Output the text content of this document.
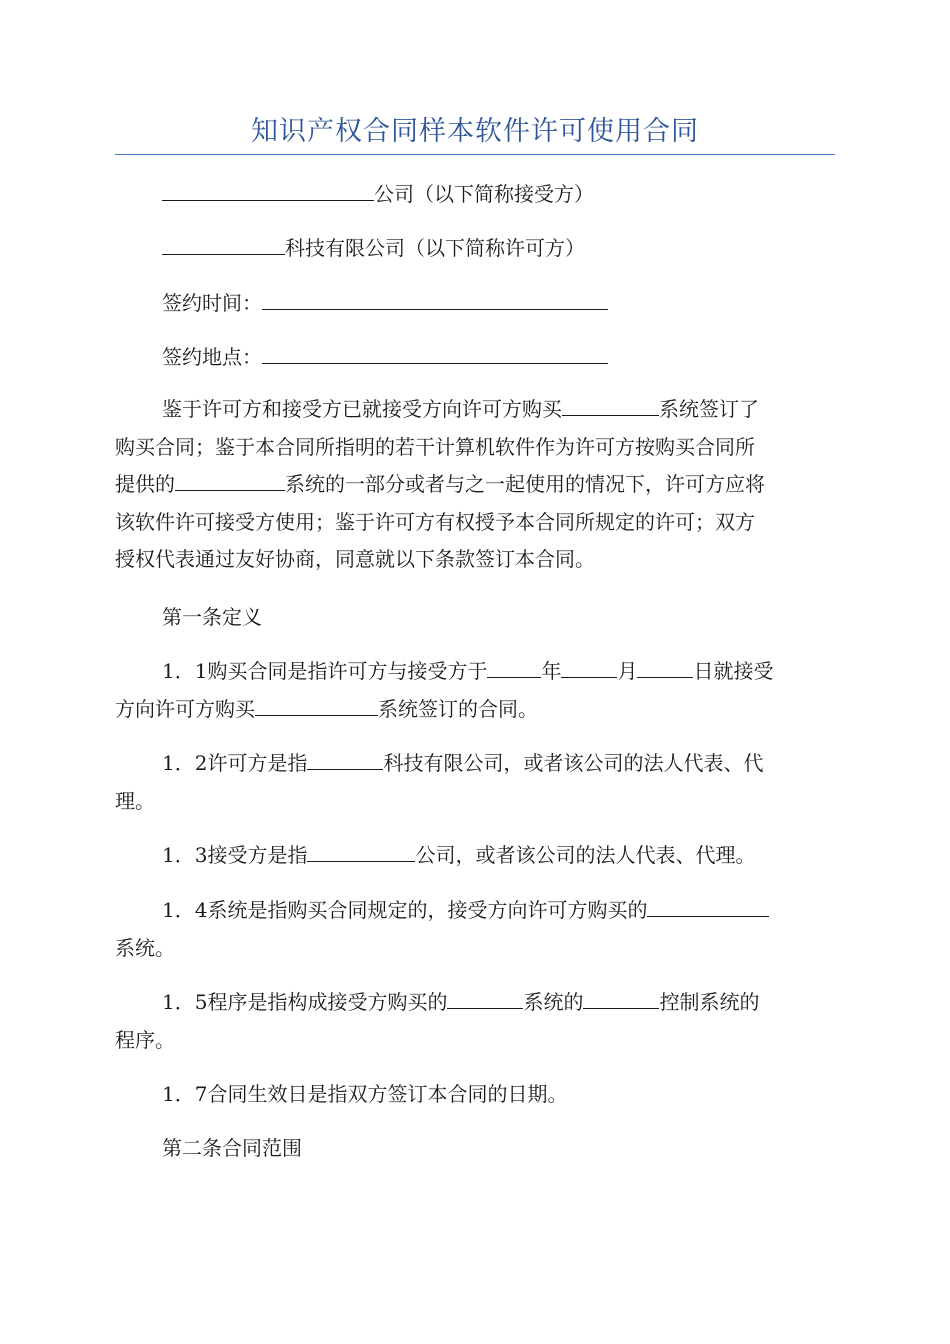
知识产权合同样本软件许可使用合同
公司（以下简称接受方）
科技有限公司（以下简称许可方）
签约时间：
签约地点：
鉴于许可方和接受方已就接受方向许可方购买	系统签订了
购买合同；鉴于本合同所指明的若干计算机软件作为许可方按购买合同所
提供的	系统的一部分或者与之一起使用的情况下，许可方应将
该软件许可接受方使用；鉴于许可方有权授予本合同所规定的许可；双方
授权代表通过友好协商，同意就以下条款签订本合同。
第一条定义
1．1购买合同是指许可方与接受方于	年	月	日就接受
方向许可方购买	系统签订的合同。
1．2许可方是指	科技有限公司，或者该公司的法人代表、代
理。
1．3接受方是指	公司，或者该公司的法人代表、代理。
1．4系统是指购买合同规定的，接受方向许可方购买的
系统。
1．5程序是指构成接受方购买的	系统的	控制系统的
程序。
1．7合同生效日是指双方签订本合同的日期。
第二条合同范围
